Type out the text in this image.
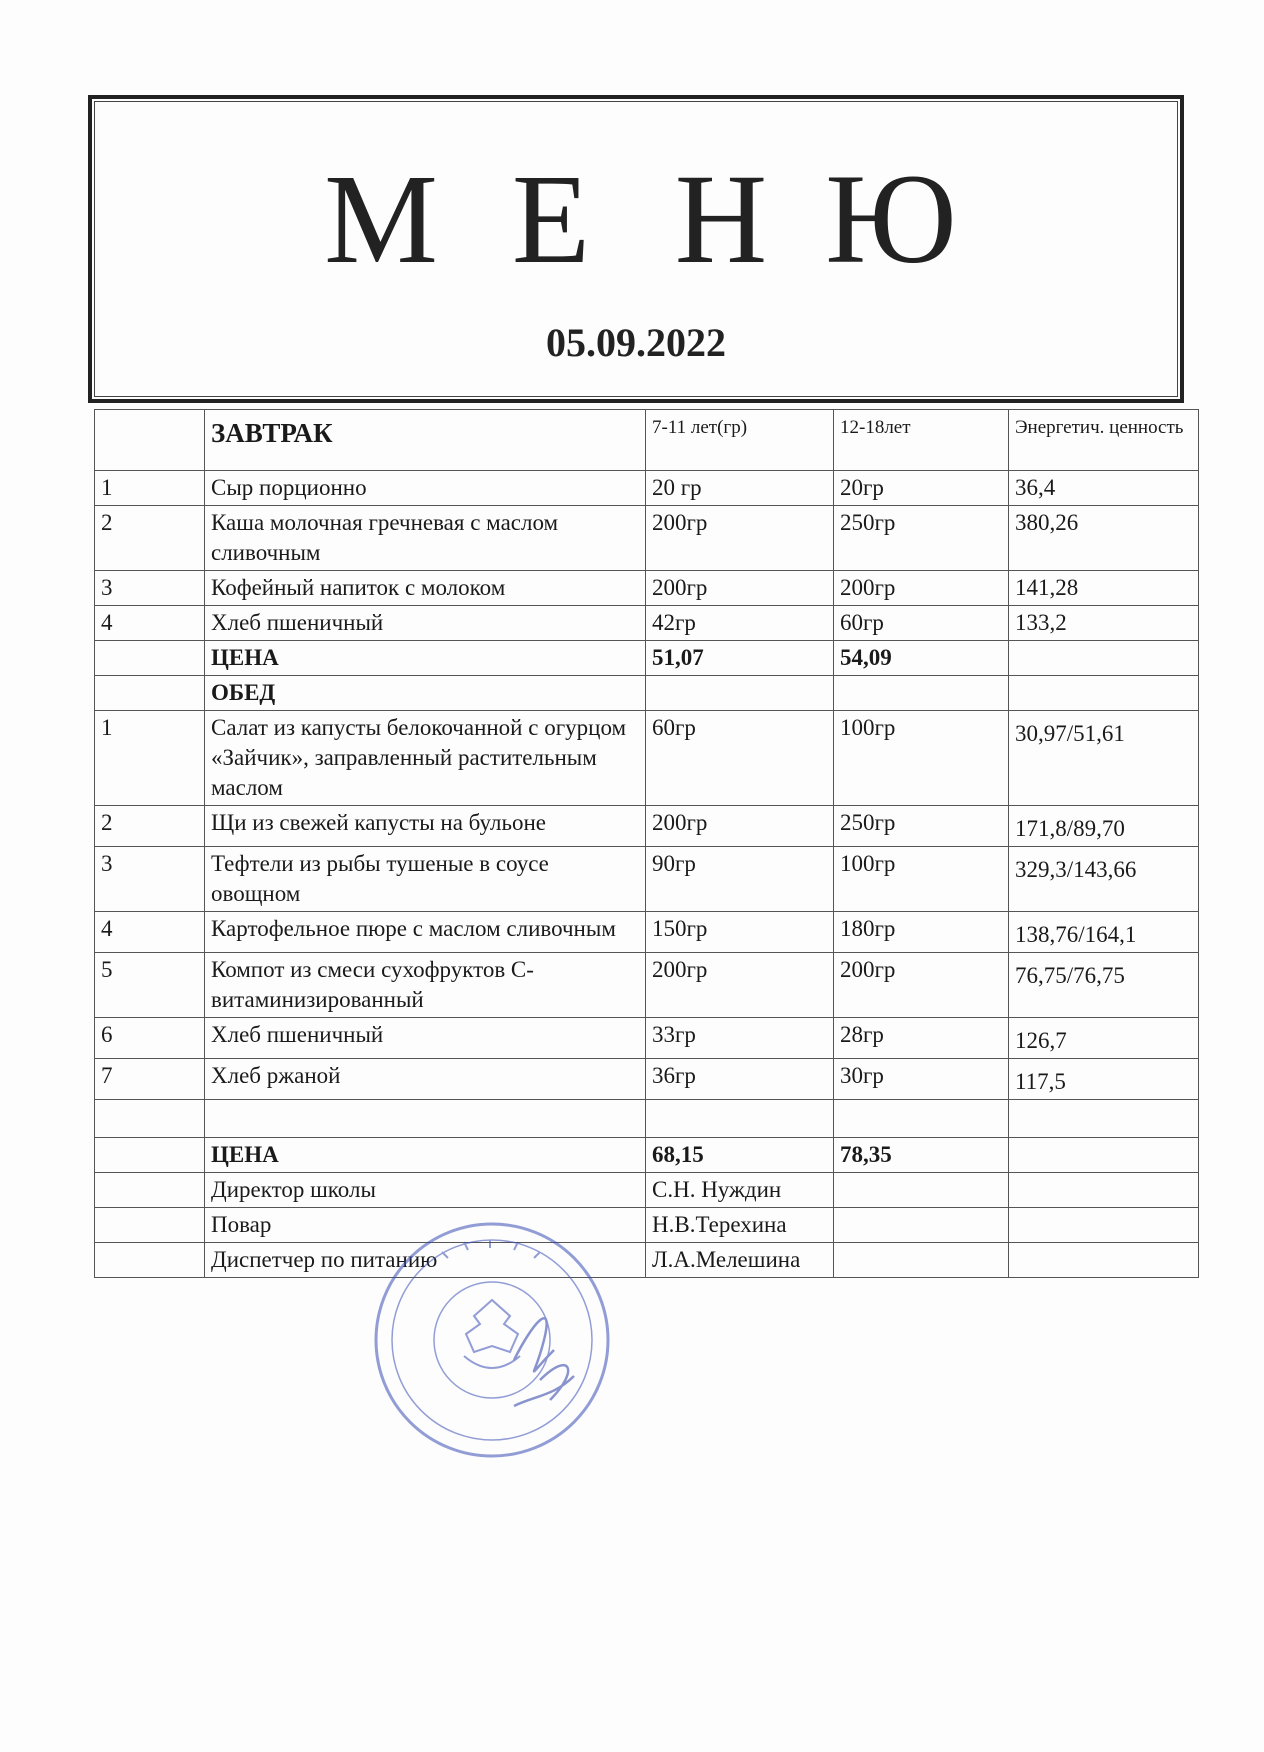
М Е Н Ю
05.09.2022
	ЗАВТРАК	7-11 лет(гр)	12-18лет	Энергетич. ценность
1	Сыр порционно	20 гр	20гр	36,4
2	Каша молочная гречневая с маслом сливочным	200гр	250гр	380,26
3	Кофейный напиток с молоком	200гр	200гр	141,28
4	Хлеб пшеничный	42гр	60гр	133,2
	ЦЕНА	51,07	54,09	
	ОБЕД			
1	Салат из капусты белокочанной с огурцом «Зайчик», заправленный растительным маслом	60гр	100гр	30,97/51,61
2	Щи из свежей капусты на бульоне	200гр	250гр	171,8/89,70
3	Тефтели из рыбы тушеные в соусе овощном	90гр	100гр	329,3/143,66
4	Картофельное пюре с маслом сливочным	150гр	180гр	138,76/164,1
5	Компот из смеси сухофруктов С-витаминизированный	200гр	200гр	76,75/76,75
6	Хлеб пшеничный	33гр	28гр	126,7
7	Хлеб ржаной	36гр	30гр	117,5

	ЦЕНА	68,15	78,35	
	Директор школы	С.Н. Нуждин		
	Повар	Н.В.Терехина		
	Диспетчер по питанию	Л.А.Мелешина		
